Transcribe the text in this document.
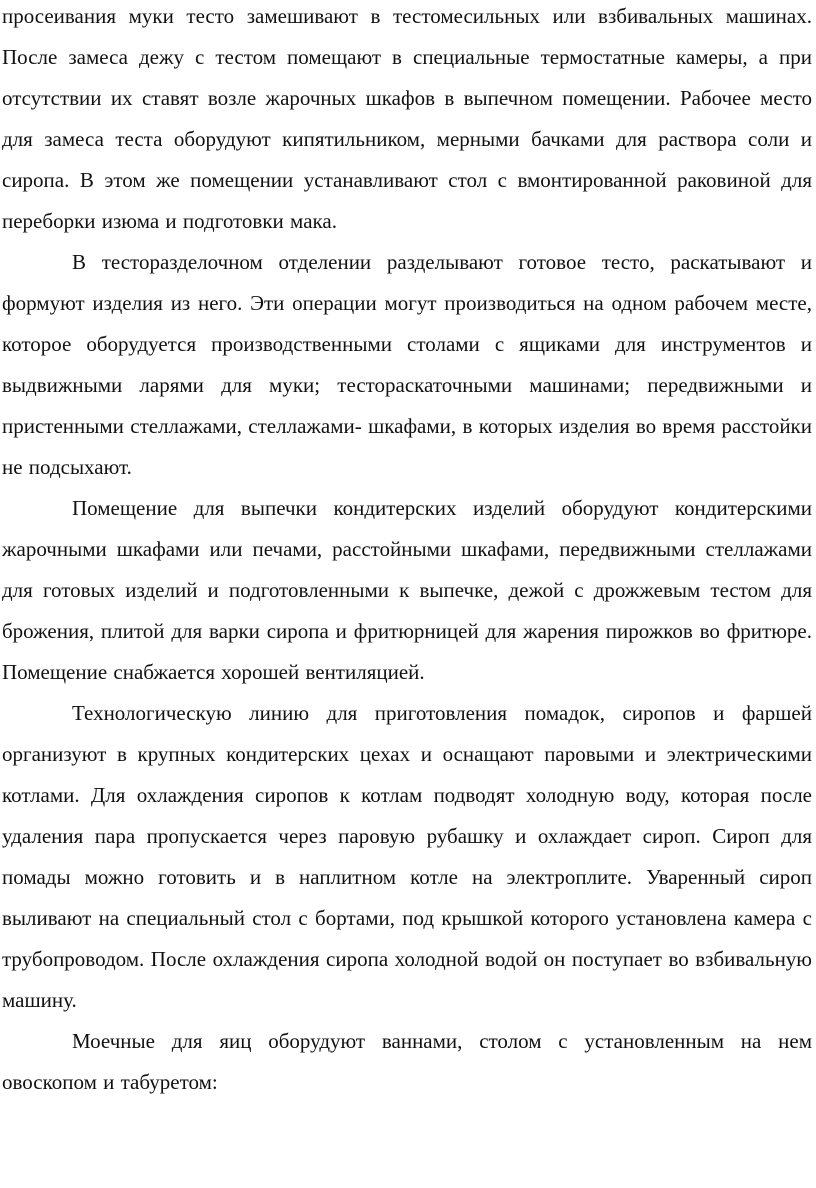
просеивания муки тесто замешивают в тестомесильных или взбивальных машинах. После замеса дежу с тестом помещают в специальные термостатные камеры, а при отсутствии их ставят возле жарочных шкафов в выпечном помещении. Рабочее место для замеса теста оборудуют кипятильником, мерными бачками для раствора соли и сиропа. В этом же помещении устанавливают стол с вмонтированной раковиной для переборки изюма и подготовки мака.

В тесторазделочном отделении разделывают готовое тесто, раскатывают и формуют изделия из него. Эти операции могут производиться на одном рабочем месте, которое оборудуется производственными столами с ящиками для инструментов и выдвижными ларями для муки; тестораскаточными машинами; передвижными и пристенными стеллажами, стеллажами- шкафами, в которых изделия во время расстойки не подсыхают.

Помещение для выпечки кондитерских изделий оборудуют кондитерскими жарочными шкафами или печами, расстойными шкафами, передвижными стеллажами для готовых изделий и подготовленными к выпечке, дежой с дрожжевым тестом для брожения, плитой для варки сиропа и фритюрницей для жарения пирожков во фритюре. Помещение снабжается хорошей вентиляцией.

Технологическую линию для приготовления помадок, сиропов и фаршей организуют в крупных кондитерских цехах и оснащают паровыми и электрическими котлами. Для охлаждения сиропов к котлам подводят холодную воду, которая после удаления пара пропускается через паровую рубашку и охлаждает сироп. Сироп для помады можно готовить и в наплитном котле на электроплите. Уваренный сироп выливают на специальный стол с бортами, под крышкой которого установлена камера с трубопроводом. После охлаждения сиропа холодной водой он поступает во взбивальную машину.

Моечные для яиц оборудуют ваннами, столом с установленным на нем овоскопом и табуретом:
